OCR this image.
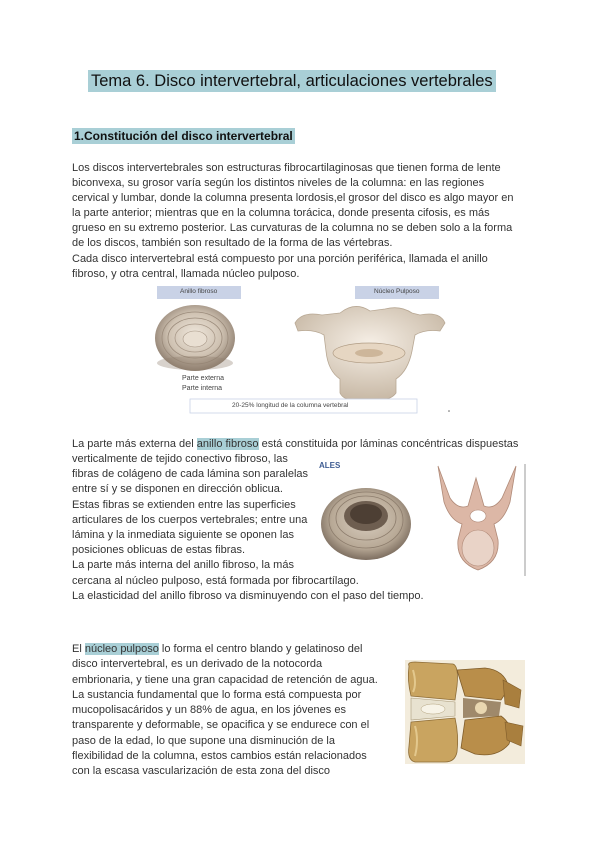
Tema 6. Disco intervertebral, articulaciones vertebrales
1.Constitución del disco intervertebral

Los discos intervertebrales son estructuras fibrocartilaginosas que tienen forma de lente

biconvexa, su grosor varía según los distintos niveles de la columna: en las regiones

cervical y lumbar, donde la columna presenta lordosis,el grosor del disco es algo mayor en

la parte anterior; mientras que en la columna torácica, donde presenta cifosis, es más

grueso en su extremo posterior. Las curvaturas de la columna no se deben solo a la forma

de los discos, también son resultado de la forma de las vértebras.

Cada disco intervertebral está compuesto por una porción periférica, llamada el anillo

fibroso, y otra central, llamada núcleo pulposo.

Anillo fibroso	Núcleo Pulposo
Parte externa
Parte interna
20-25% longitud de la columna vertebral
La parte más externa del anillo fibroso está constituida por láminas concéntricas dispuestas

verticalmente de tejido conectivo fibroso, las

fibras de colágeno de cada lámina son paralelas

entre sí y se disponen en dirección oblicua.

Estas fibras se extienden entre las superficies

articulares de los cuerpos vertebrales; entre una

lámina y la inmediata siguiente se oponen las

posiciones oblicuas de estas fibras.

La parte más interna del anillo fibroso, la más

cercana al núcleo pulposo, está formada por fibrocartílago.

La elasticidad del anillo fibroso va disminuyendo con el paso del tiempo.

ALES

El núcleo pulposo lo forma el centro blando y gelatinoso del

disco intervertebral, es un derivado de la notocorda

embrionaria, y tiene una gran capacidad de retención de agua.

La sustancia fundamental que lo forma está compuesta por

mucopolisacáridos y un 88% de agua, en los jóvenes es

transparente y deformable, se opacifica y se endurece con el

paso de la edad, lo que supone una disminución de la

flexibilidad de la columna, estos cambios están relacionados

con la escasa vascularización de esta zona del disco
